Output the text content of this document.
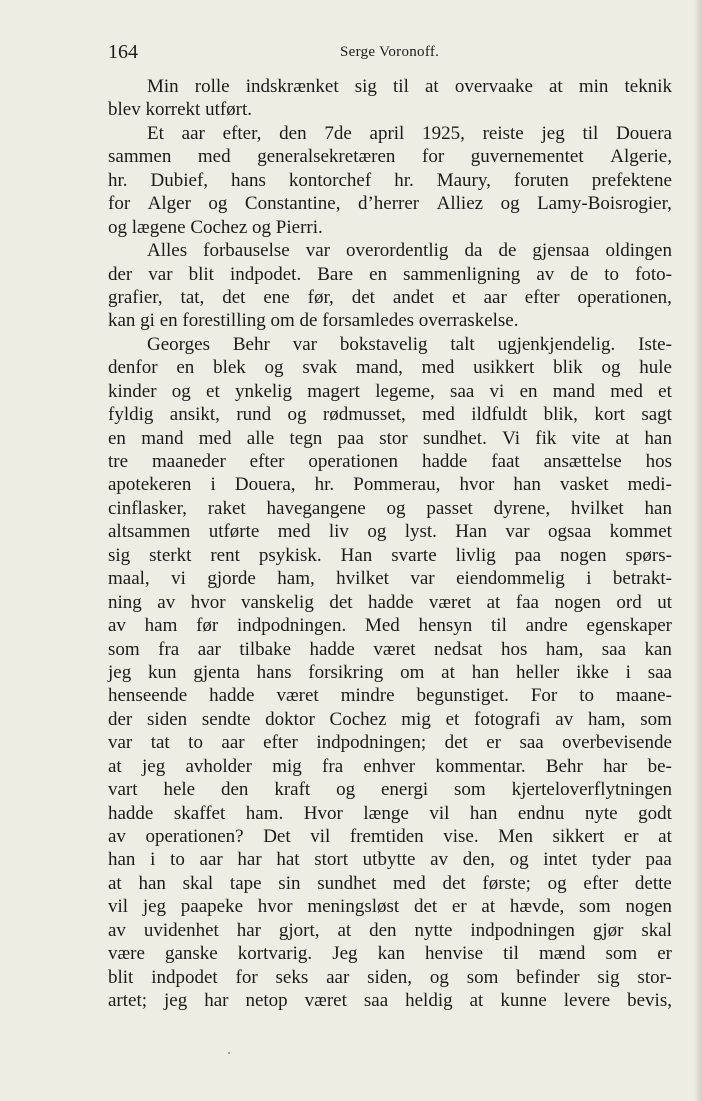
164	Serge Voronoff.
Min rolle indskrænket sig til at overvaake at min teknik
blev korrekt utført.
Et aar efter, den 7de april 1925, reiste jeg til Douera
sammen med generalsekretæren for guvernementet Algerie,
hr. Dubief, hans kontorchef hr. Maury, foruten prefektene
for Alger og Constantine, d’herrer Alliez og Lamy-Boisrogier,
og lægene Cochez og Pierri.
Alles forbauselse var overordentlig da de gjensaa oldingen
der var blit indpodet. Bare en sammenligning av de to foto-
grafier, tat, det ene før, det andet et aar efter operationen,
kan gi en forestilling om de forsamledes overraskelse.
Georges Behr var bokstavelig talt ugjenkjendelig. Iste-
denfor en blek og svak mand, med usikkert blik og hule
kinder og et ynkelig magert legeme, saa vi en mand med et
fyldig ansikt, rund og rødmusset, med ildfuldt blik, kort sagt
en mand med alle tegn paa stor sundhet. Vi fik vite at han
tre maaneder efter operationen hadde faat ansættelse hos
apotekeren i Douera, hr. Pommerau, hvor han vasket medi-
cinflasker, raket havegangene og passet dyrene, hvilket han
altsammen utførte med liv og lyst. Han var ogsaa kommet
sig sterkt rent psykisk. Han svarte livlig paa nogen spørs-
maal, vi gjorde ham, hvilket var eiendommelig i betrakt-
ning av hvor vanskelig det hadde været at faa nogen ord ut
av ham før indpodningen. Med hensyn til andre egenskaper
som fra aar tilbake hadde været nedsat hos ham, saa kan
jeg kun gjenta hans forsikring om at han heller ikke i saa
henseende hadde været mindre begunstiget. For to maane-
der siden sendte doktor Cochez mig et fotografi av ham, som
var tat to aar efter indpodningen; det er saa overbevisende
at jeg avholder mig fra enhver kommentar. Behr har be-
vart hele den kraft og energi som kjerteloverflytningen
hadde skaffet ham. Hvor længe vil han endnu nyte godt
av operationen? Det vil fremtiden vise. Men sikkert er at
han i to aar har hat stort utbytte av den, og intet tyder paa
at han skal tape sin sundhet med det første; og efter dette
vil jeg paapeke hvor meningsløst det er at hævde, som nogen
av uvidenhet har gjort, at den nytte indpodningen gjør skal
være ganske kortvarig. Jeg kan henvise til mænd som er
blit indpodet for seks aar siden, og som befinder sig stor-
artet; jeg har netop været saa heldig at kunne levere bevis,
